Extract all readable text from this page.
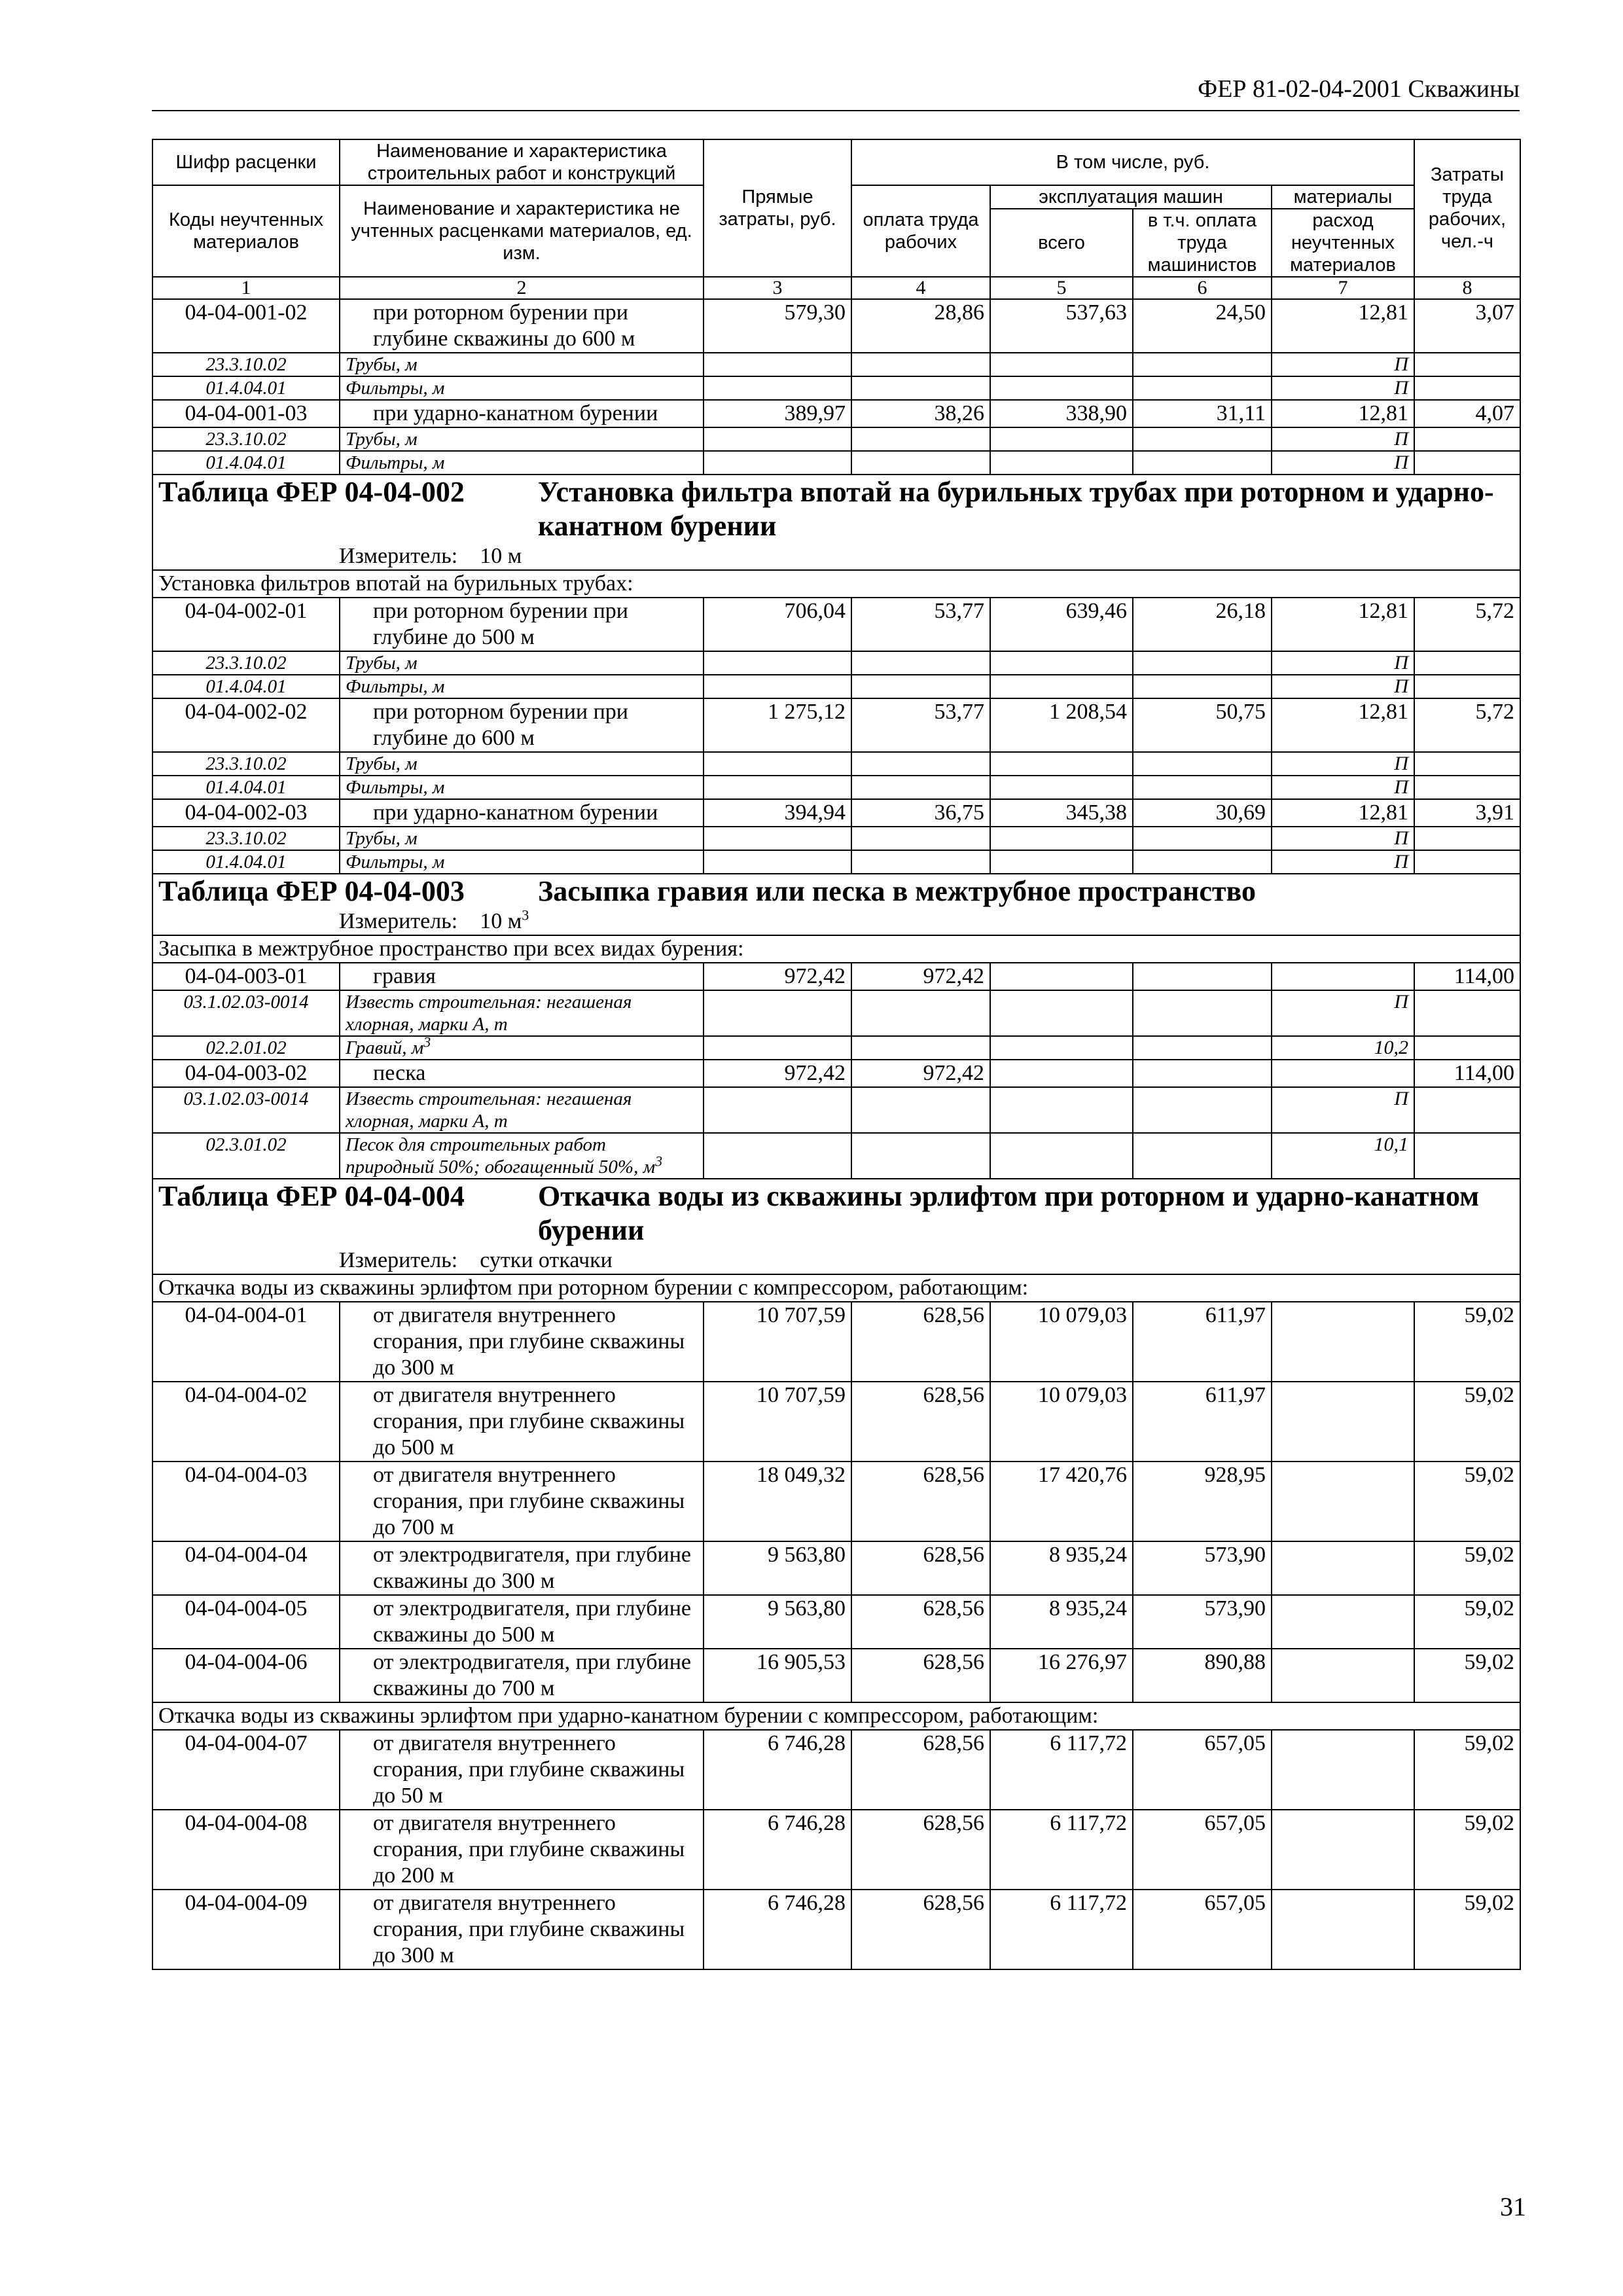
ФЕР 81-02-04-2001 Скважины
Шифр расценки	Наименование и характеристика строительных работ и конструкций	Прямые затраты, руб.	В том числе, руб.				Затраты труда рабочих, чел.-ч
Коды неучтенных материалов	Наименование и характеристика не учтенных расценками материалов, ед. изм.		оплата труда рабочих	эксплуатация машин		материалы	
				всего	в т.ч. оплата труда машинистов	расход неучтенных материалов	
1	2	3	4	5	6	7	8
04-04-001-02	при роторном бурении при глубине скважины до 600 м	579,30	28,86	537,63	24,50	12,81	3,07
23.3.10.02	Трубы, м					П	
01.4.04.01	Фильтры, м					П	
04-04-001-03	при ударно-канатном бурении	389,97	38,26	338,90	31,11	12,81	4,07
23.3.10.02	Трубы, м					П	
01.4.04.01	Фильтры, м					П	

Таблица ФЕР 04-04-002 Установка фильтра впотай на бурильных трубах при роторном и ударно-канатном бурении
Измеритель: 10 м							

Установка фильтров впотай на бурильных трубах:							
04-04-002-01	при роторном бурении при глубине до 500 м	706,04	53,77	639,46	26,18	12,81	5,72
23.3.10.02	Трубы, м					П	
01.4.04.01	Фильтры, м					П	
04-04-002-02	при роторном бурении при глубине до 600 м	1 275,12	53,77	1 208,54	50,75	12,81	5,72
23.3.10.02	Трубы, м					П	
01.4.04.01	Фильтры, м					П	
04-04-002-03	при ударно-канатном бурении	394,94	36,75	345,38	30,69	12,81	3,91
23.3.10.02	Трубы, м					П	
01.4.04.01	Фильтры, м					П	

Таблица ФЕР 04-04-003 Засыпка гравия или песка в межтрубное пространство
Измеритель: 10 $м^3$

Засыпка в межтрубное пространство при всех видах бурения:							
04-04-003-01	гравия	972,42	972,42				114,00
03.1.02.03-0014	Известь строительная: негашеная хлорная, марки А, т					П	
02.2.01.02	Гравий, $м^3$					10,2	
04-04-003-02	песка	972,42	972,42				114,00
03.1.02.03-0014	Известь строительная: негашеная хлорная, марки А, т					П	
02.3.01.02	Песок для строительных работ природный 50%; обогащенный 50%, $м^3$					10,1	

Таблица ФЕР 04-04-004 Откачка воды из скважины эрлифтом при роторном и ударно-канатном бурении
Измеритель: сутки откачки							

Откачка воды из скважины эрлифтом при роторном бурении с компрессором, работающим:							
04-04-004-01	от двигателя внутреннего сгорания, при глубине скважины до 300 м	10 707,59	628,56	10 079,03	611,97		59,02
04-04-004-02	от двигателя внутреннего сгорания, при глубине скважины до 500 м	10 707,59	628,56	10 079,03	611,97		59,02
04-04-004-03	от двигателя внутреннего сгорания, при глубине скважины до 700 м	18 049,32	628,56	17 420,76	928,95		59,02
04-04-004-04	от электродвигателя, при глубине скважины до 300 м	9 563,80	628,56	8 935,24	573,90		59,02
04-04-004-05	от электродвигателя, при глубине скважины до 500 м	9 563,80	628,56	8 935,24	573,90		59,02
04-04-004-06	от электродвигателя, при глубине скважины до 700 м	16 905,53	628,56	16 276,97	890,88		59,02
Откачка воды из скважины эрлифтом при ударно-канатном бурении с компрессором, работающим:							
04-04-004-07	от двигателя внутреннего сгорания, при глубине скважины до 50 м	6 746,28	628,56	6 117,72	657,05		59,02
04-04-004-08	от двигателя внутреннего сгорания, при глубине скважины до 200 м	6 746,28	628,56	6 117,72	657,05		59,02
04-04-004-09	от двигателя внутреннего сгорания, при глубине скважины до 300 м	6 746,28	628,56	6 117,72	657,05		59,02
31
